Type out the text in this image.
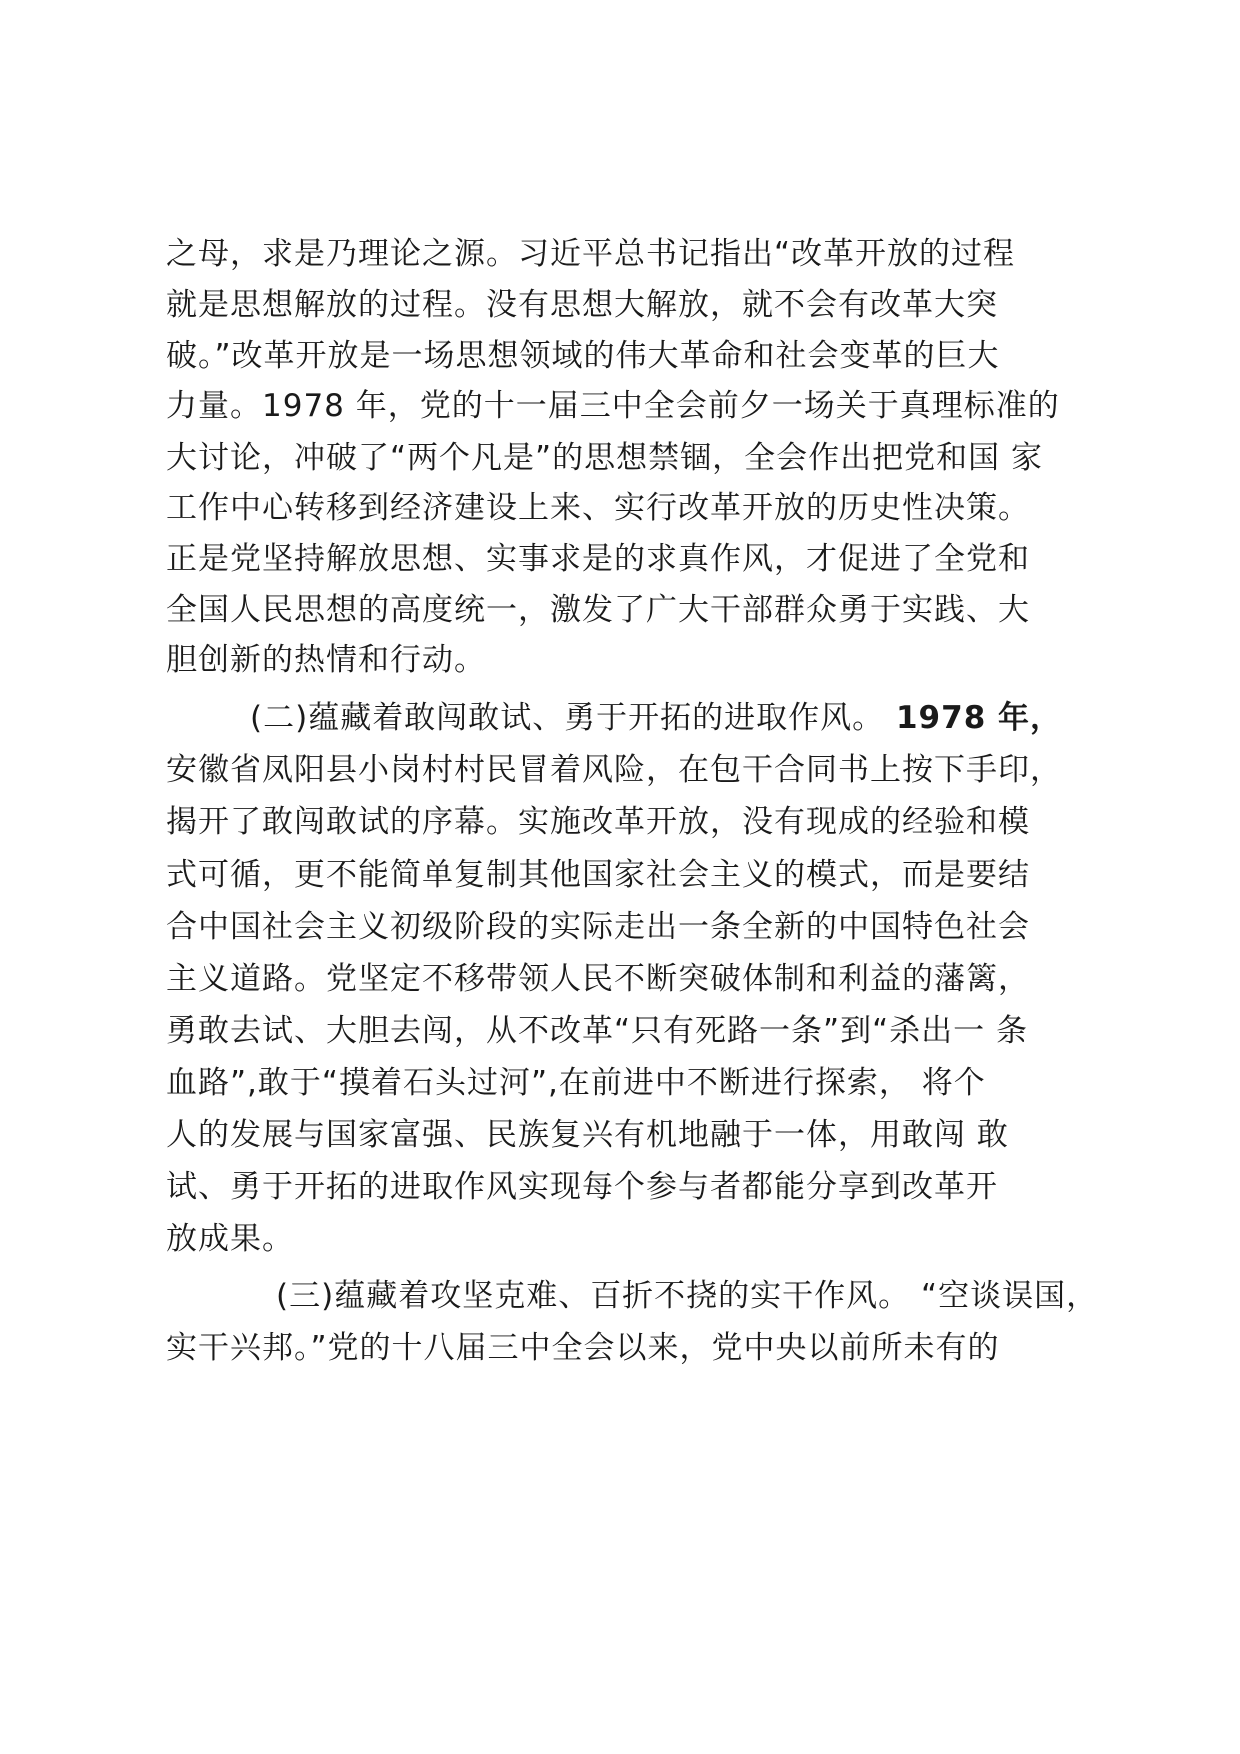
之母，求是乃理论之源。习近平总书记指出“改革开放的过程
就是思想解放的过程。没有思想大解放，就不会有改革大突
破。”改革开放是一场思想领域的伟大革命和社会变革的巨大
力量。1978 年，党的十一届三中全会前夕一场关于真理标准的
大讨论，冲破了“两个凡是”的思想禁锢，全会作出把党和国 家
工作中心转移到经济建设上来、实行改革开放的历史性决策。
正是党坚持解放思想、实事求是的求真作风，才促进了全党和
全国人民思想的高度统一，激发了广大干部群众勇于实践、大
胆创新的热情和行动。
(二)蕴藏着敢闯敢试、勇于开拓的进取作风。 1978 年，
安徽省凤阳县小岗村村民冒着风险，在包干合同书上按下手印，
揭开了敢闯敢试的序幕。实施改革开放，没有现成的经验和模
式可循，更不能简单复制其他国家社会主义的模式，而是要结
合中国社会主义初级阶段的实际走出一条全新的中国特色社会
主义道路。党坚定不移带领人民不断突破体制和利益的藩篱，
勇敢去试、大胆去闯，从不改革“只有死路一条”到“杀出一 条
血路”,敢于“摸着石头过河”,在前进中不断进行探索， 将个
人的发展与国家富强、民族复兴有机地融于一体，用敢闯 敢
试、勇于开拓的进取作风实现每个参与者都能分享到改革开
放成果。
(三)蕴藏着攻坚克难、百折不挠的实干作风。 “空谈误国，
实干兴邦。”党的十八届三中全会以来，党中央以前所未有的
